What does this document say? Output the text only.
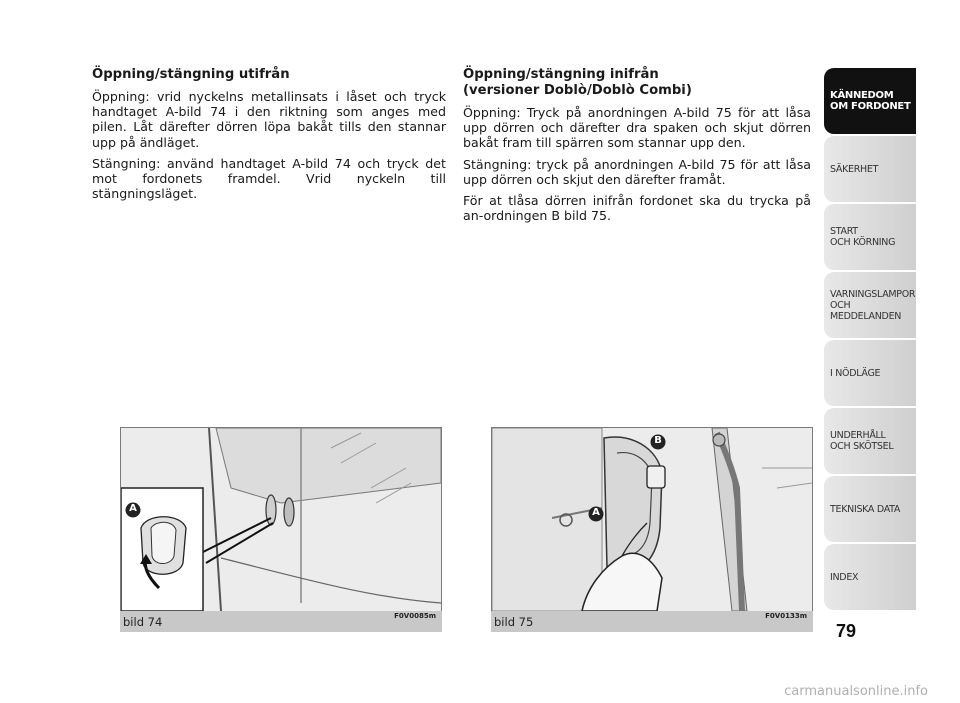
Öppning/stängning utifrån

Öppning: vrid nyckelns metallinsats i låset och tryck handtaget A-bild 74 i den riktning som anges med pilen. Låt därefter dörren löpa bakåt tills den stannar upp på ändläget.

Stängning: använd handtaget A-bild 74 och tryck det mot fordonets framdel. Vrid nyckeln till stängningsläget.

Öppning/stängning inifrån
(versioner Doblò/Doblò Combi)

Öppning: Tryck på anordningen A-bild 75 för att låsa upp dörren och därefter dra spaken och skjut dörren bakåt fram till spärren som stannar upp den.

Stängning: tryck på anordningen A-bild 75 för att låsa upp dörren och skjut den därefter framåt.

För at tlåsa dörren inifrån fordonet ska du trycka på an-ordningen B bild 75.

A
bild 74	F0V0085m
B
A
bild 75	F0V0133m
KÄNNEDOM
OM FORDONET
SÄKERHET
START
OCH KÖRNING
VARNINGSLAMPOR
OCH
MEDDELANDEN
I NÖDLÄGE
UNDERHÅLL
OCH SKÖTSEL
TEKNISKA DATA
INDEX
79
carmanualsonline.info
